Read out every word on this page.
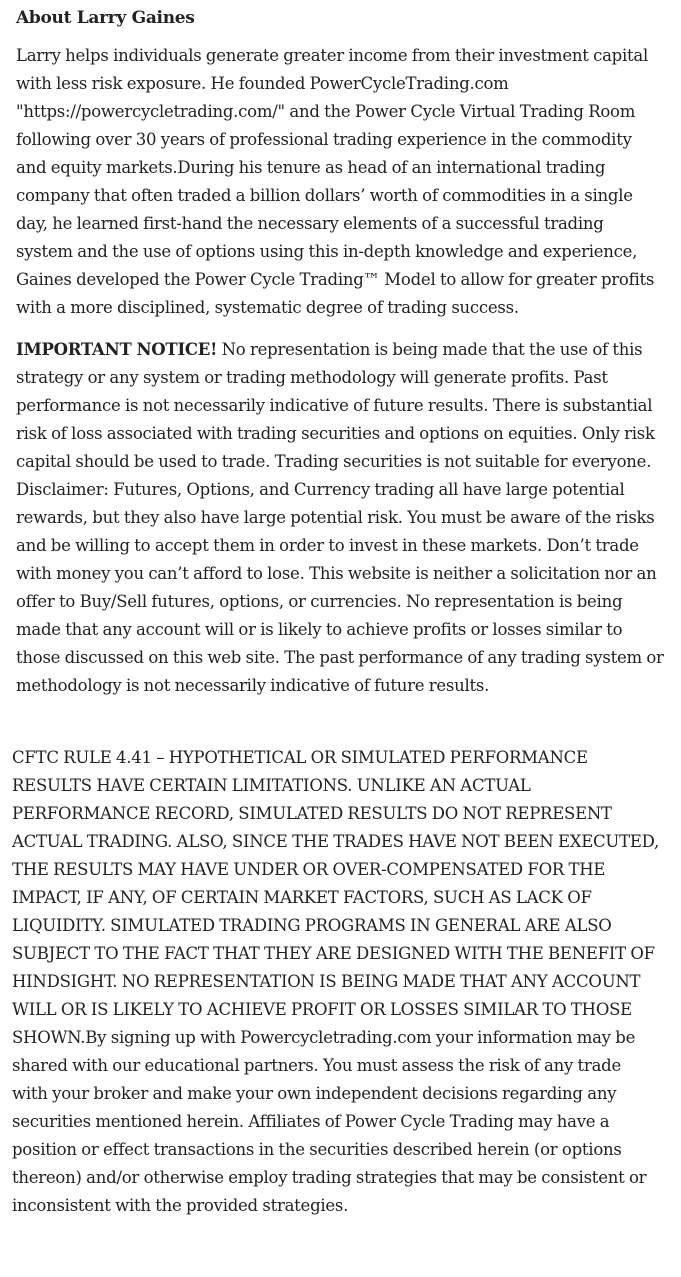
About Larry Gaines

Larry helps individuals generate greater income from their investment capital with less risk exposure. He founded PowerCycleTrading.com "https://powercycletrading.com/" and the Power Cycle Virtual Trading Room following over 30 years of professional trading experience in the commodity and equity markets.During his tenure as head of an international trading company that often traded a billion dollars’ worth of commodities in a single day, he learned first-hand the necessary elements of a successful trading system and the use of options using this in-depth knowledge and experience, Gaines developed the Power Cycle Trading™ Model to allow for greater profits with a more disciplined, systematic degree of trading success.

IMPORTANT NOTICE! No representation is being made that the use of this strategy or any system or trading methodology will generate profits. Past performance is not necessarily indicative of future results. There is substantial risk of loss associated with trading securities and options on equities. Only risk capital should be used to trade. Trading securities is not suitable for everyone. Disclaimer: Futures, Options, and Currency trading all have large potential rewards, but they also have large potential risk. You must be aware of the risks and be willing to accept them in order to invest in these markets. Don’t trade with money you can’t afford to lose. This website is neither a solicitation nor an offer to Buy/Sell futures, options, or currencies. No representation is being made that any account will or is likely to achieve profits or losses similar to those discussed on this web site. The past performance of any trading system or methodology is not necessarily indicative of future results.

CFTC RULE 4.41 – HYPOTHETICAL OR SIMULATED PERFORMANCE RESULTS HAVE CERTAIN LIMITATIONS. UNLIKE AN ACTUAL PERFORMANCE RECORD, SIMULATED RESULTS DO NOT REPRESENT ACTUAL TRADING. ALSO, SINCE THE TRADES HAVE NOT BEEN EXECUTED, THE RESULTS MAY HAVE UNDER OR OVER-COMPENSATED FOR THE IMPACT, IF ANY, OF CERTAIN MARKET FACTORS, SUCH AS LACK OF LIQUIDITY. SIMULATED TRADING PROGRAMS IN GENERAL ARE ALSO SUBJECT TO THE FACT THAT THEY ARE DESIGNED WITH THE BENEFIT OF HINDSIGHT. NO REPRESENTATION IS BEING MADE THAT ANY ACCOUNT WILL OR IS LIKELY TO ACHIEVE PROFIT OR LOSSES SIMILAR TO THOSE SHOWN.By signing up with Powercycletrading.com your information may be shared with our educational partners. You must assess the risk of any trade with your broker and make your own independent decisions regarding any securities mentioned herein. Affiliates of Power Cycle Trading may have a position or effect transactions in the securities described herein (or options thereon) and/or otherwise employ trading strategies that may be consistent or inconsistent with the provided strategies.
